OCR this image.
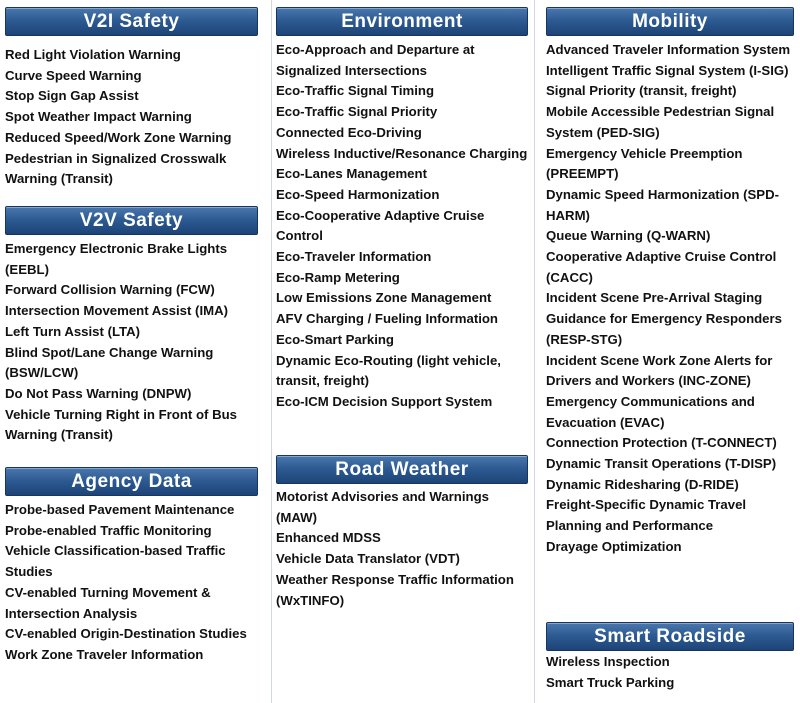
V2I Safety
Red Light Violation Warning
Curve Speed Warning
Stop Sign Gap Assist
Spot Weather Impact Warning
Reduced Speed/Work Zone Warning
Pedestrian in Signalized Crosswalk Warning (Transit)
V2V Safety
Emergency Electronic Brake Lights (EEBL)
Forward Collision Warning (FCW)
Intersection Movement Assist (IMA)
Left Turn Assist (LTA)
Blind Spot/Lane Change Warning (BSW/LCW)
Do Not Pass Warning (DNPW)
Vehicle Turning Right in Front of Bus Warning (Transit)
Agency Data
Probe-based Pavement Maintenance
Probe-enabled Traffic Monitoring
Vehicle Classification-based Traffic Studies
CV-enabled Turning Movement & Intersection Analysis
CV-enabled Origin-Destination Studies
Work Zone Traveler Information
Environment
Eco-Approach and Departure at Signalized Intersections
Eco-Traffic Signal Timing
Eco-Traffic Signal Priority
Connected Eco-Driving
Wireless Inductive/Resonance Charging
Eco-Lanes Management
Eco-Speed Harmonization
Eco-Cooperative Adaptive Cruise Control
Eco-Traveler Information
Eco-Ramp Metering
Low Emissions Zone Management
AFV Charging / Fueling Information
Eco-Smart Parking
Dynamic Eco-Routing (light vehicle, transit, freight)
Eco-ICM Decision Support System
Road Weather
Motorist Advisories and Warnings (MAW)
Enhanced MDSS
Vehicle Data Translator (VDT)
Weather Response Traffic Information (WxTINFO)
Mobility
Advanced Traveler Information System
Intelligent Traffic Signal System (I-SIG)
Signal Priority (transit, freight)
Mobile Accessible Pedestrian Signal System (PED-SIG)
Emergency Vehicle Preemption (PREEMPT)
Dynamic Speed Harmonization (SPD-HARM)
Queue Warning (Q-WARN)
Cooperative Adaptive Cruise Control (CACC)
Incident Scene Pre-Arrival Staging Guidance for Emergency Responders (RESP-STG)
Incident Scene Work Zone Alerts for Drivers and Workers (INC-ZONE)
Emergency Communications and Evacuation (EVAC)
Connection Protection (T-CONNECT)
Dynamic Transit Operations (T-DISP)
Dynamic Ridesharing (D-RIDE)
Freight-Specific Dynamic Travel Planning and Performance
Drayage Optimization
Smart Roadside
Wireless Inspection
Smart Truck Parking
